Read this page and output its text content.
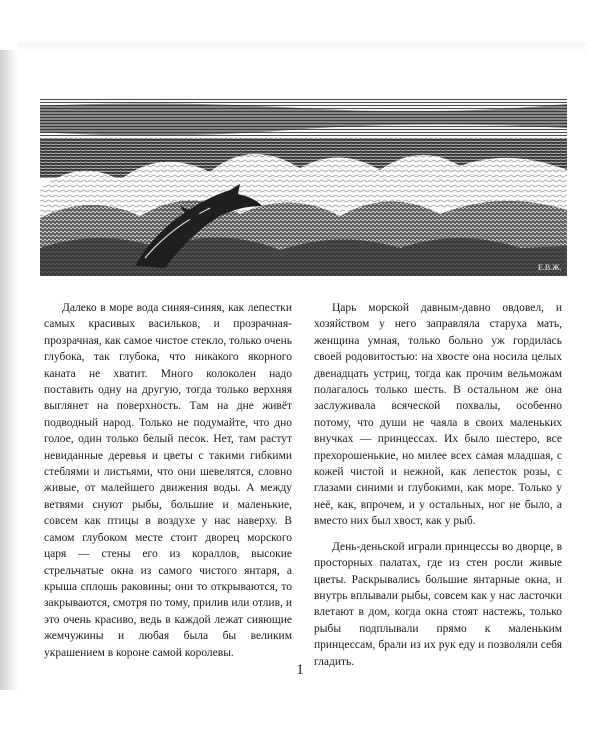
Е.В.Ж.

Далеко в море вода синяя-синяя, как лепестки самых красивых васильков, и прозрачная-прозрачная, как самое чистое стекло, только очень глубока, так глубока, что никакого якорного каната не хватит. Много колоколен надо поставить одну на другую, тогда только верхняя выглянет на поверхность. Там на дне живёт подводный народ. Только не подумайте, что дно голое, один только белый песок. Нет, там растут невиданные деревья и цветы с такими гибкими стеблями и листьями, что они шевелятся, словно живые, от малейшего движения воды. А между ветвями снуют рыбы, большие и маленькие, совсем как птицы в воздухе у нас наверху. В самом глубоком месте стоит дворец морского царя — стены его из кораллов, высокие стрельчатые окна из самого чистого янтаря, а крыша сплошь раковины; они то открываются, то закрываются, смотря по тому, прилив или отлив, и это очень красиво, ведь в каждой лежат сияющие жемчужины и любая была бы великим украшением в короне самой королевы.

Царь морской давным-давно овдовел, и хозяйством у него заправляла старуха мать, женщина умная, только больно уж гордилась своей родовитостью: на хвосте она носила целых двенадцать устриц, тогда как прочим вельможам полагалось только шесть. В остальном же она заслуживала всяческой похвалы, особенно потому, что души не чаяла в своих маленьких внучках — принцессах. Их было шестеро, все прехорошенькие, но милее всех самая младшая, с кожей чистой и нежной, как лепесток розы, с глазами синими и глубокими, как море. Только у неё, как, впрочем, и у остальных, ног не было, а вместо них был хвост, как у рыб.

День-деньской играли принцессы во дворце, в просторных палатах, где из стен росли живые цветы. Раскрывались большие янтарные окна, и внутрь вплывали рыбы, совсем как у нас ласточки влетают в дом, когда окна стоят настежь, только рыбы подплывали прямо к маленьким принцессам, брали из их рук еду и позволяли себя гладить.

1
